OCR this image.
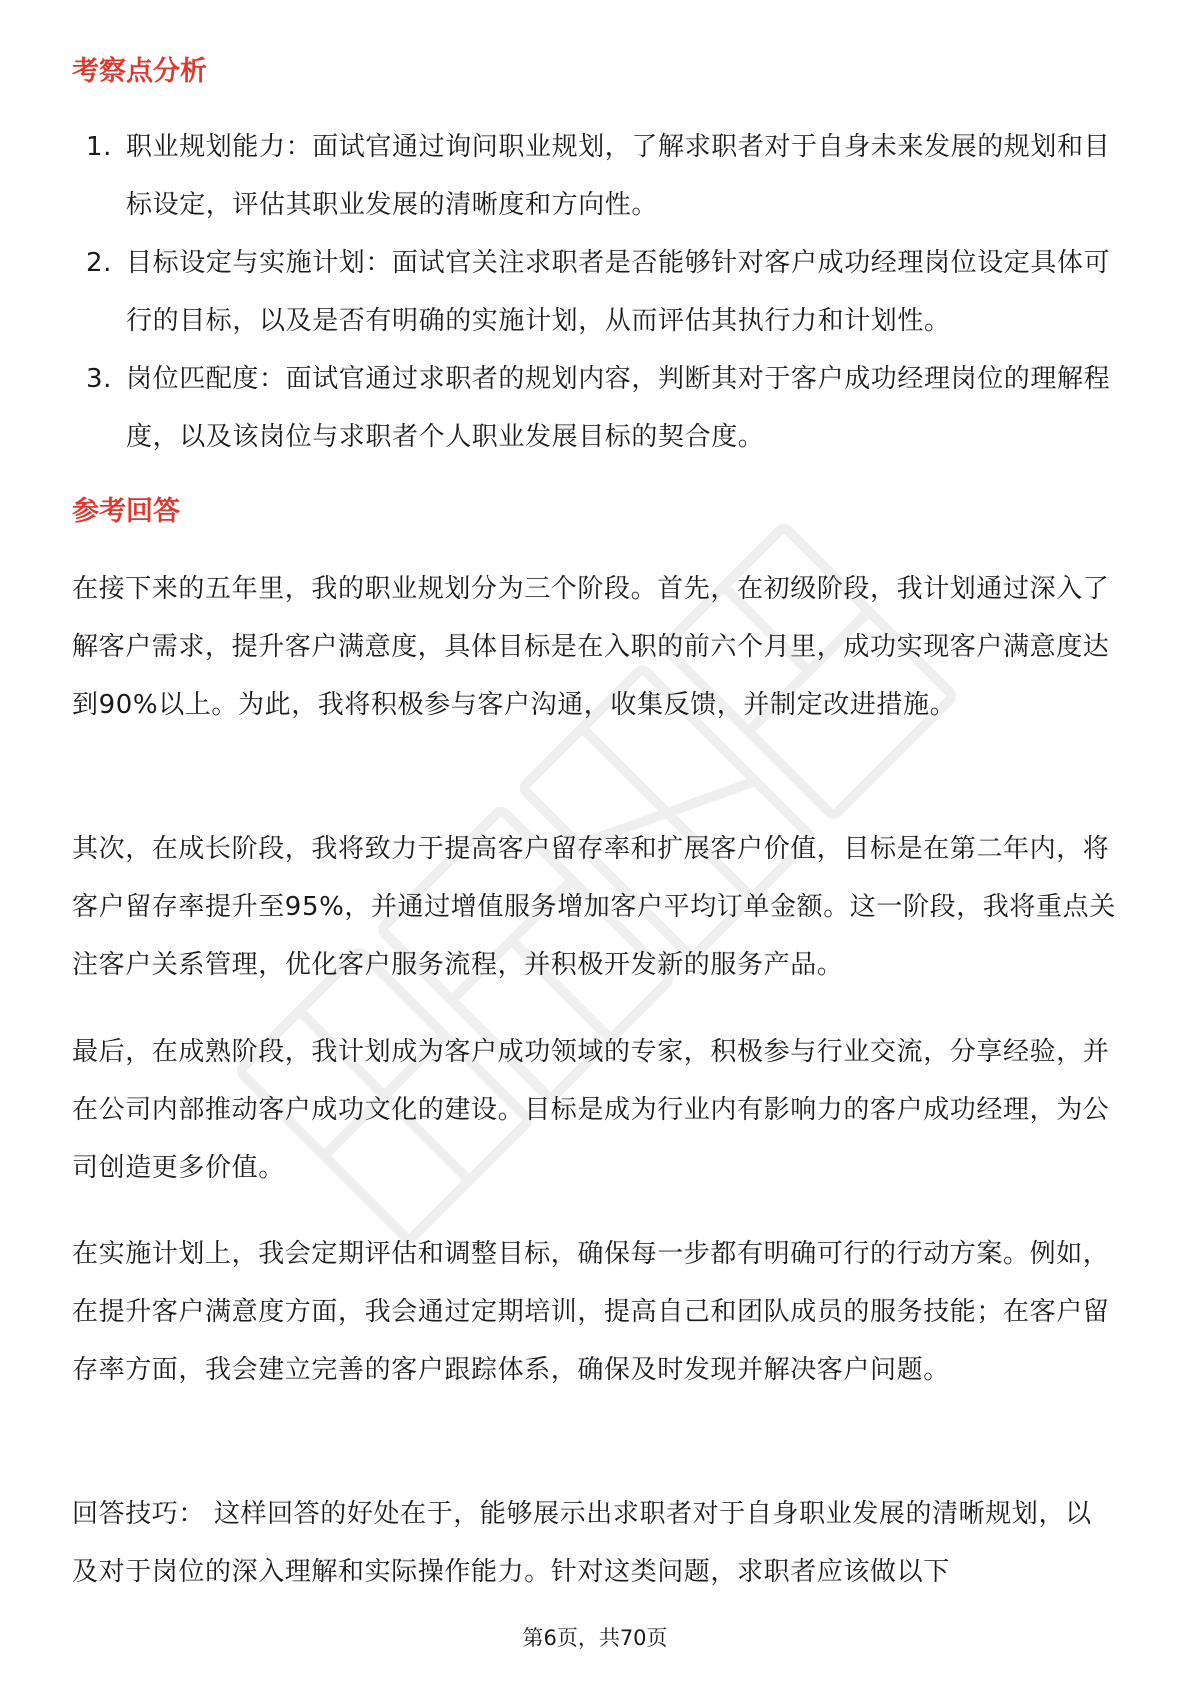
考察点分析
1. 职业规划能力：面试官通过询问职业规划，了解求职者对于自身未来发展的规划和目标设定，评估其职业发展的清晰度和方向性。
2. 目标设定与实施计划：面试官关注求职者是否能够针对客户成功经理岗位设定具体可行的目标，以及是否有明确的实施计划，从而评估其执行力和计划性。
3. 岗位匹配度：面试官通过求职者的规划内容，判断其对于客户成功经理岗位的理解程度，以及该岗位与求职者个人职业发展目标的契合度。
参考回答

在接下来的五年里，我的职业规划分为三个阶段。首先，在初级阶段，我计划通过深入了解客户需求，提升客户满意度，具体目标是在入职的前六个月里，成功实现客户满意度达到90%以上。为此，我将积极参与客户沟通，收集反馈，并制定改进措施。

其次，在成长阶段，我将致力于提高客户留存率和扩展客户价值，目标是在第二年内，将客户留存率提升至95%，并通过增值服务增加客户平均订单金额。这一阶段，我将重点关注客户关系管理，优化客户服务流程，并积极开发新的服务产品。

最后，在成熟阶段，我计划成为客户成功领域的专家，积极参与行业交流，分享经验，并在公司内部推动客户成功文化的建设。目标是成为行业内有影响力的客户成功经理，为公司创造更多价值。

在实施计划上，我会定期评估和调整目标，确保每一步都有明确可行的行动方案。例如，在提升客户满意度方面，我会通过定期培训，提高自己和团队成员的服务技能；在客户留存率方面，我会建立完善的客户跟踪体系，确保及时发现并解决客户问题。

回答技巧： 这样回答的好处在于，能够展示出求职者对于自身职业发展的清晰规划，以及对于岗位的深入理解和实际操作能力。针对这类问题，求职者应该做以下

第6页，共70页
